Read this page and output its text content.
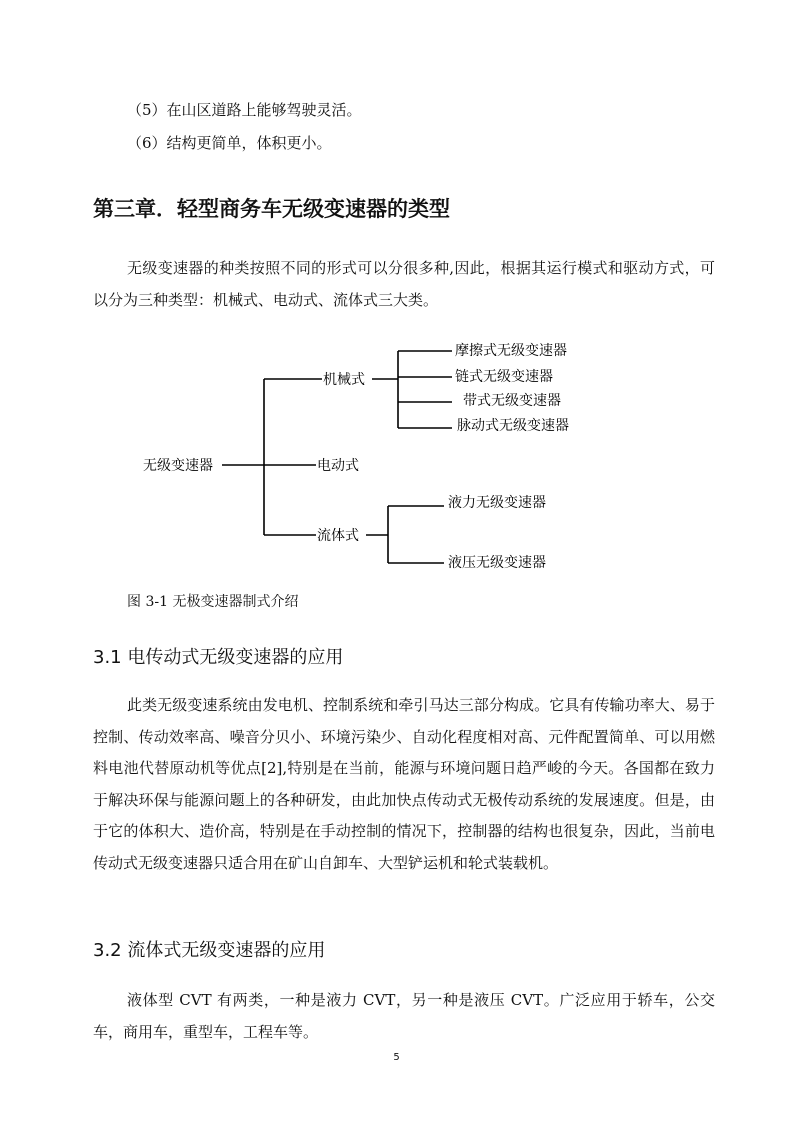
（5）在山区道路上能够驾驶灵活。
（6）结构更简单，体积更小。
第三章．轻型商务车无级变速器的类型
无级变速器的种类按照不同的形式可以分很多种,因此，根据其运行模式和驱动方式，可以分为三种类型：机械式、电动式、流体式三大类。
无级变速器
机械式
电动式
流体式
摩擦式无级变速器
链式无级变速器
带式无级变速器
脉动式无级变速器
液力无级变速器
液压无级变速器
图 3-1 无极变速器制式介绍
3.1 电传动式无级变速器的应用
此类无级变速系统由发电机、控制系统和牵引马达三部分构成。它具有传输功率大、易于控制、传动效率高、噪音分贝小、环境污染少、自动化程度相对高、元件配置简单、可以用燃料电池代替原动机等优点[2],特别是在当前，能源与环境问题日趋严峻的今天。各国都在致力于解决环保与能源问题上的各种研发，由此加快点传动式无极传动系统的发展速度。但是，由于它的体积大、造价高，特别是在手动控制的情况下，控制器的结构也很复杂，因此，当前电传动式无级变速器只适合用在矿山自卸车、大型铲运机和轮式装载机。
3.2 流体式无级变速器的应用
液体型 CVT 有两类，一种是液力 CVT，另一种是液压 CVT。广泛应用于轿车，公交车，商用车，重型车，工程车等。
5
